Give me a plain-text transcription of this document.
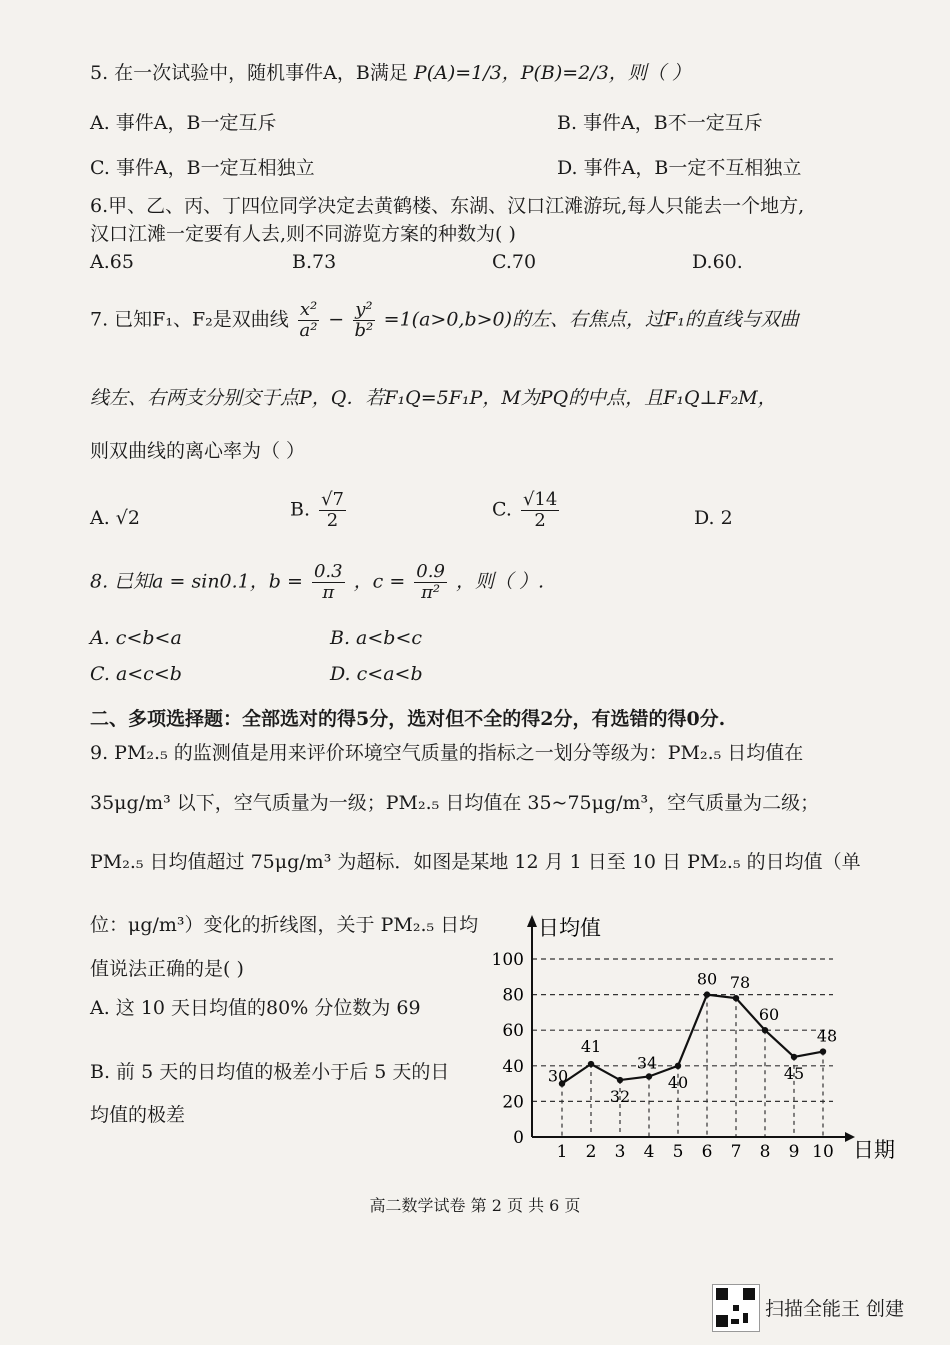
5. 在一次试验中，随机事件A，B满足 P(A)=1/3，P(B)=2/3，则（ ）
A. 事件A，B一定互斥	B. 事件A，B不一定互斥
C. 事件A，B一定互相独立	D. 事件A，B一定不互相独立
6.甲、乙、丙、丁四位同学决定去黄鹤楼、东湖、汉口江滩游玩,每人只能去一个地方,
汉口江滩一定要有人去,则不同游览方案的种数为( )
A.65	B.73	C.70	D.60.
7. 已知F₁、F₂是双曲线 $\frac{\text{x²}}{\text{a²}} - \frac{\text{y²}}{\text{b²}} =1(a>0,b>0)$的左、右焦点，过F₁的直线与双曲
线左、右两支分别交于点P，Q．若F₁Q=5F₁P，M为PQ的中点，且F₁Q⊥F₂M，
则双曲线的离心率为（ ）
A. √2	B. $\frac{√7}{2}$	C. $\frac{√14}{2}$	D. 2
8. 已知a = sin0.1，$b = \frac{0.3}{\pi}$ ，$c = \frac{0.9}{\text{π²}}$ ，则（ ）.
A. c<b<a	B. a<b<c
C. a<c<b	D. c<a<b
二、多项选择题：全部选对的得5分，选对但不全的得2分，有选错的得0分.
9. PM₂.₅ 的监测值是用来评价环境空气质量的指标之一划分等级为：PM₂.₅ 日均值在
35μg/m³ 以下，空气质量为一级；PM₂.₅ 日均值在 35~75μg/m³，空气质量为二级；
PM₂.₅ 日均值超过 75μg/m³ 为超标．如图是某地 12 月 1 日至 10 日 PM₂.₅ 的日均值（单
位：μg/m³）变化的折线图，关于 PM₂.₅ 日均
值说法正确的是( )
A. 这 10 天日均值的80% 分位数为 69
B. 前 5 天的日均值的极差小于后 5 天的日
均值的极差
0
20
40
60
80
100
日均值
日期
1 2 3 4 5 6 7 8 9 10
30
41
32
34
40
80 78
60
45
48
高二数学试卷 第 2 页 共 6 页
扫描全能王 创建
